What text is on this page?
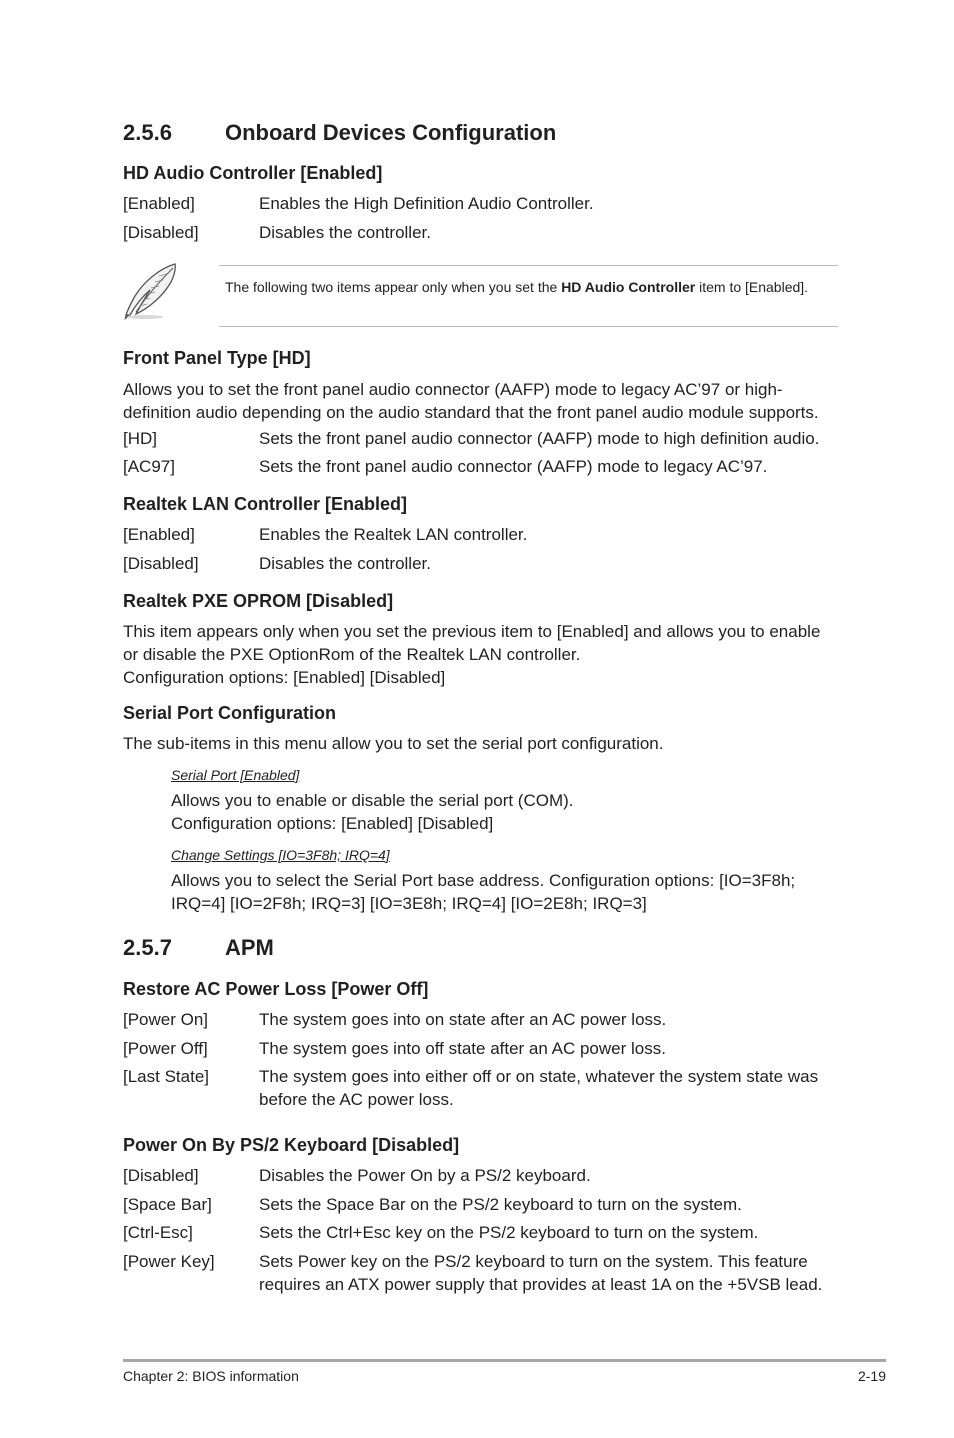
2.5.6 Onboard Devices Configuration
HD Audio Controller [Enabled]
[Enabled]	Enables the High Definition Audio Controller.
[Disabled]	Disables the controller.
The following two items appear only when you set the HD Audio Controller item to [Enabled].
Front Panel Type [HD]
Allows you to set the front panel audio connector (AAFP) mode to legacy AC’97 or high-
definition audio depending on the audio standard that the front panel audio module supports.
[HD]	Sets the front panel audio connector (AAFP) mode to high definition audio.
[AC97]	Sets the front panel audio connector (AAFP) mode to legacy AC’97.
Realtek LAN Controller [Enabled]
[Enabled]	Enables the Realtek LAN controller.
[Disabled]	Disables the controller.
Realtek PXE OPROM [Disabled]
This item appears only when you set the previous item to [Enabled] and allows you to enable
or disable the PXE OptionRom of the Realtek LAN controller.
Configuration options: [Enabled] [Disabled]
Serial Port Configuration
The sub-items in this menu allow you to set the serial port configuration.
Serial Port [Enabled]
Allows you to enable or disable the serial port (COM).
Configuration options: [Enabled] [Disabled]
Change Settings [IO=3F8h; IRQ=4]
Allows you to select the Serial Port base address. Configuration options: [IO=3F8h;
IRQ=4] [IO=2F8h; IRQ=3] [IO=3E8h; IRQ=4] [IO=2E8h; IRQ=3]
2.5.7 APM
Restore AC Power Loss [Power Off]
[Power On]	The system goes into on state after an AC power loss.
[Power Off]	The system goes into off state after an AC power loss.
[Last State]	The system goes into either off or on state, whatever the system state was before the AC power loss.
Power On By PS/2 Keyboard [Disabled]
[Disabled]	Disables the Power On by a PS/2 keyboard.
[Space Bar]	Sets the Space Bar on the PS/2 keyboard to turn on the system.
[Ctrl-Esc]	Sets the Ctrl+Esc key on the PS/2 keyboard to turn on the system.
[Power Key]	Sets Power key on the PS/2 keyboard to turn on the system. This feature requires an ATX power supply that provides at least 1A on the +5VSB lead.
Chapter 2: BIOS information	2-19
